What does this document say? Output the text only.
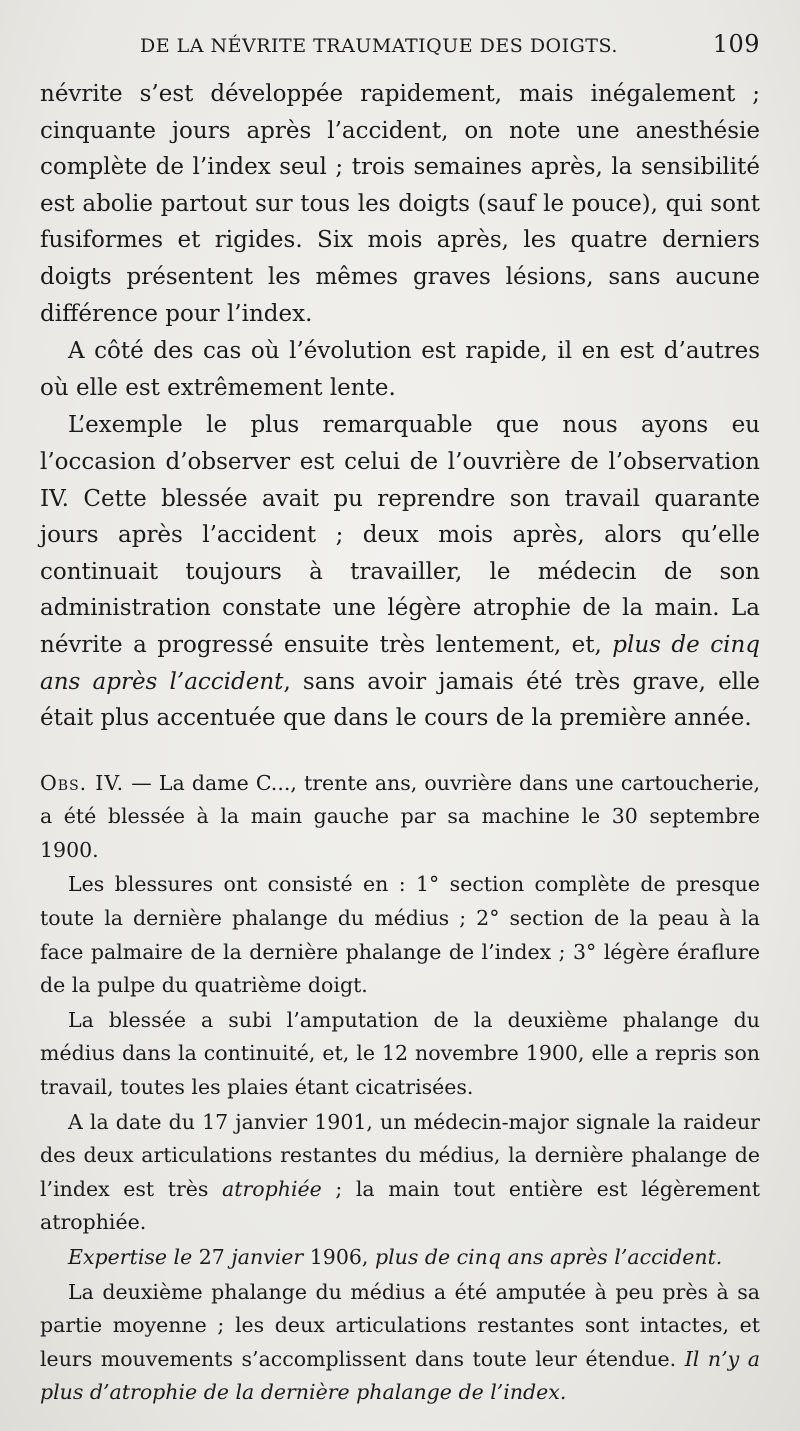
DE LA NÉVRITE TRAUMATIQUE DES DOIGTS.	109

névrite s’est développée rapidement, mais inégalement ; cinquante jours après l’accident, on note une anesthésie complète de l’index seul ; trois semaines après, la sensibilité est abolie partout sur tous les doigts (sauf le pouce), qui sont fusiformes et rigides. Six mois après, les quatre derniers doigts présentent les mêmes graves lésions, sans aucune différence pour l’index.

A côté des cas où l’évolution est rapide, il en est d’autres où elle est extrêmement lente.

L’exemple le plus remarquable que nous ayons eu l’occasion d’observer est celui de l’ouvrière de l’observation IV. Cette blessée avait pu reprendre son travail quarante jours après l’accident ; deux mois après, alors qu’elle continuait toujours à travailler, le médecin de son administration constate une légère atrophie de la main. La névrite a progressé ensuite très lentement, et, plus de cinq ans après l’accident, sans avoir jamais été très grave, elle était plus accentuée que dans le cours de la première année.

Obs. IV. — La dame C..., trente ans, ouvrière dans une cartoucherie, a été blessée à la main gauche par sa machine le 30 septembre 1900.

Les blessures ont consisté en : 1° section complète de presque toute la dernière phalange du médius ; 2° section de la peau à la face palmaire de la dernière phalange de l’index ; 3° légère éraflure de la pulpe du quatrième doigt.

La blessée a subi l’amputation de la deuxième phalange du médius dans la continuité, et, le 12 novembre 1900, elle a repris son travail, toutes les plaies étant cicatrisées.

A la date du 17 janvier 1901, un médecin-major signale la raideur des deux articulations restantes du médius, la dernière phalange de l’index est très atrophiée ; la main tout entière est légèrement atrophiée.

Expertise le 27 janvier 1906, plus de cinq ans après l’accident.

La deuxième phalange du médius a été amputée à peu près à sa partie moyenne ; les deux articulations restantes sont intactes, et leurs mouvements s’accomplissent dans toute leur étendue. Il n’y a plus d’atrophie de la dernière phalange de l’index.
